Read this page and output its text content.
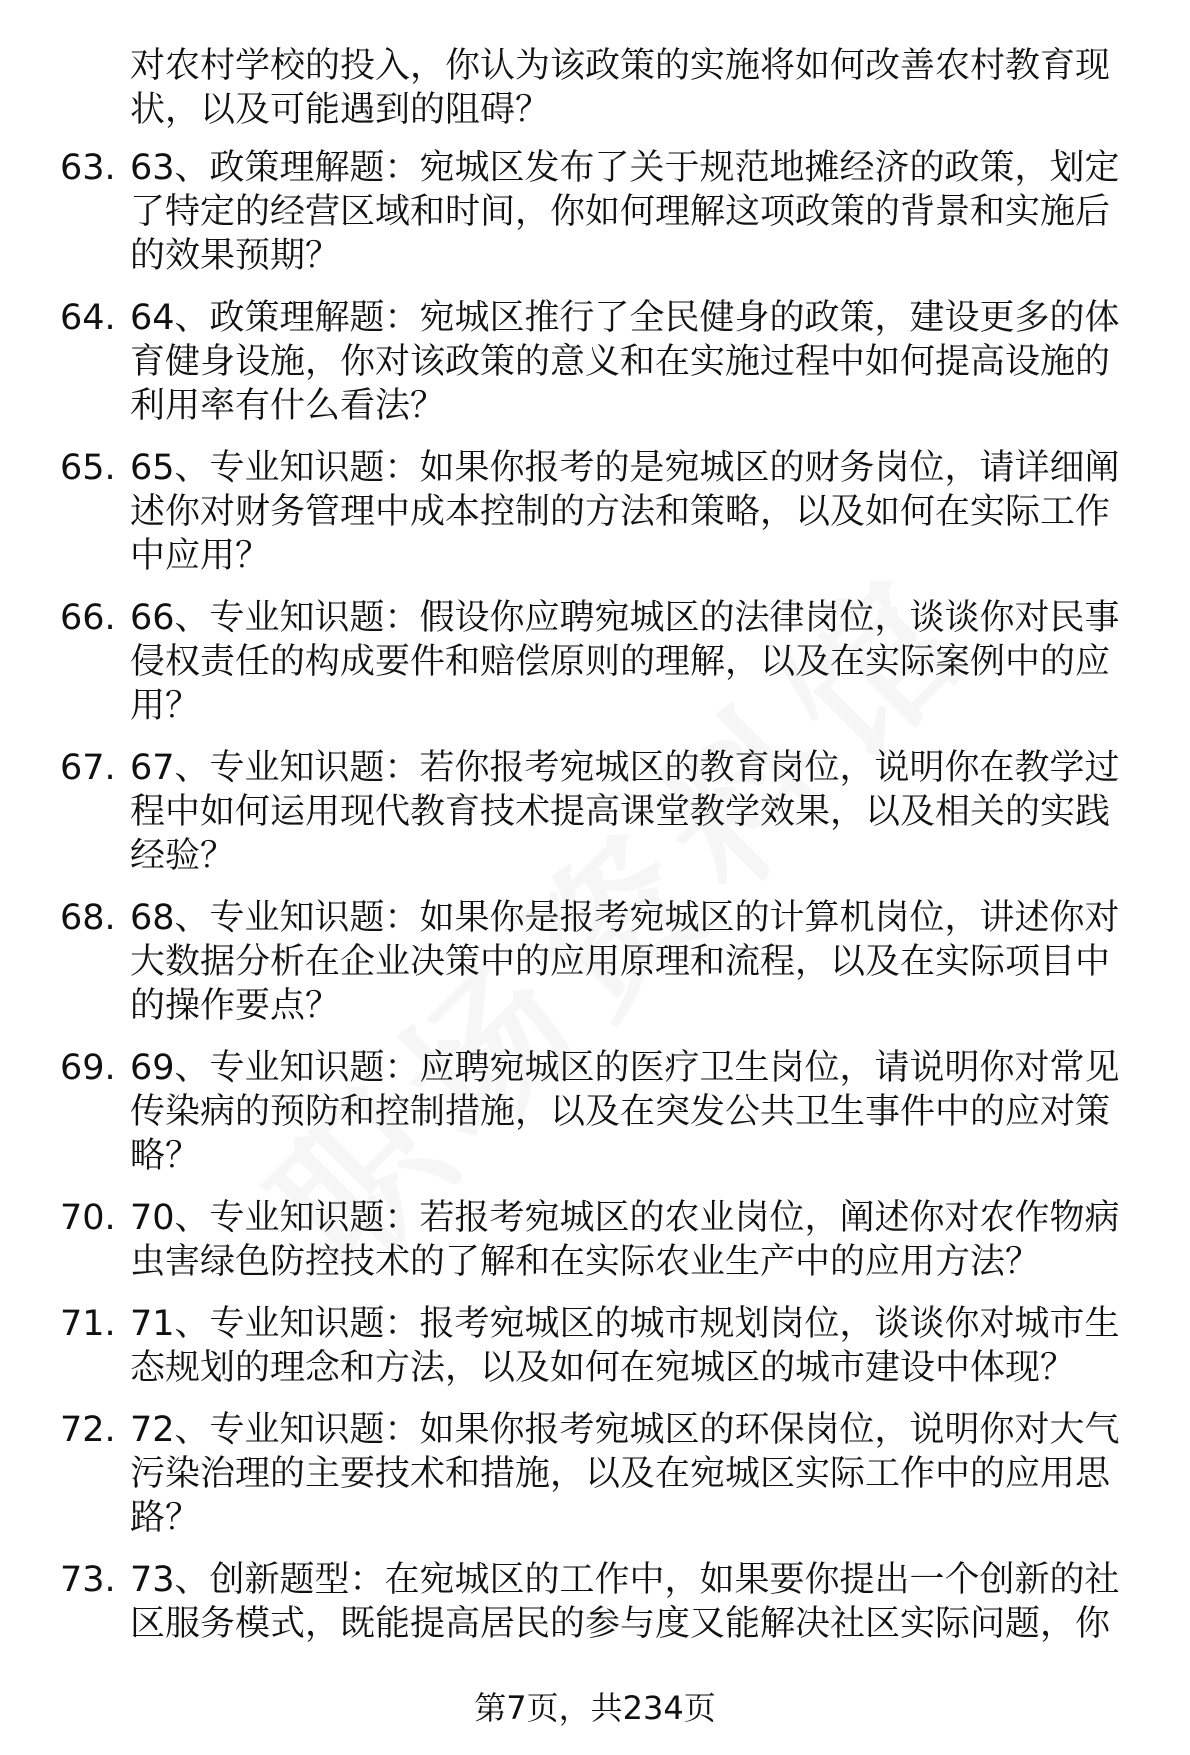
对农村学校的投入，你认为该政策的实施将如何改善农村教育现
状，以及可能遇到的阻碍？
63. 63、政策理解题：宛城区发布了关于规范地摊经济的政策，划定
了特定的经营区域和时间，你如何理解这项政策的背景和实施后
的效果预期？
64. 64、政策理解题：宛城区推行了全民健身的政策，建设更多的体
育健身设施，你对该政策的意义和在实施过程中如何提高设施的
利用率有什么看法？
65. 65、专业知识题：如果你报考的是宛城区的财务岗位，请详细阐
述你对财务管理中成本控制的方法和策略，以及如何在实际工作
中应用？
66. 66、专业知识题：假设你应聘宛城区的法律岗位，谈谈你对民事
侵权责任的构成要件和赔偿原则的理解，以及在实际案例中的应
用？
67. 67、专业知识题：若你报考宛城区的教育岗位，说明你在教学过
程中如何运用现代教育技术提高课堂教学效果，以及相关的实践
经验？
68. 68、专业知识题：如果你是报考宛城区的计算机岗位，讲述你对
大数据分析在企业决策中的应用原理和流程，以及在实际项目中
的操作要点？
69. 69、专业知识题：应聘宛城区的医疗卫生岗位，请说明你对常见
传染病的预防和控制措施，以及在突发公共卫生事件中的应对策
略？
70. 70、专业知识题：若报考宛城区的农业岗位，阐述你对农作物病
虫害绿色防控技术的了解和在实际农业生产中的应用方法？
71. 71、专业知识题：报考宛城区的城市规划岗位，谈谈你对城市生
态规划的理念和方法，以及如何在宛城区的城市建设中体现？
72. 72、专业知识题：如果你报考宛城区的环保岗位，说明你对大气
污染治理的主要技术和措施，以及在宛城区实际工作中的应用思
路？
73. 73、创新题型：在宛城区的工作中，如果要你提出一个创新的社
区服务模式，既能提高居民的参与度又能解决社区实际问题，你
第7页，共234页
